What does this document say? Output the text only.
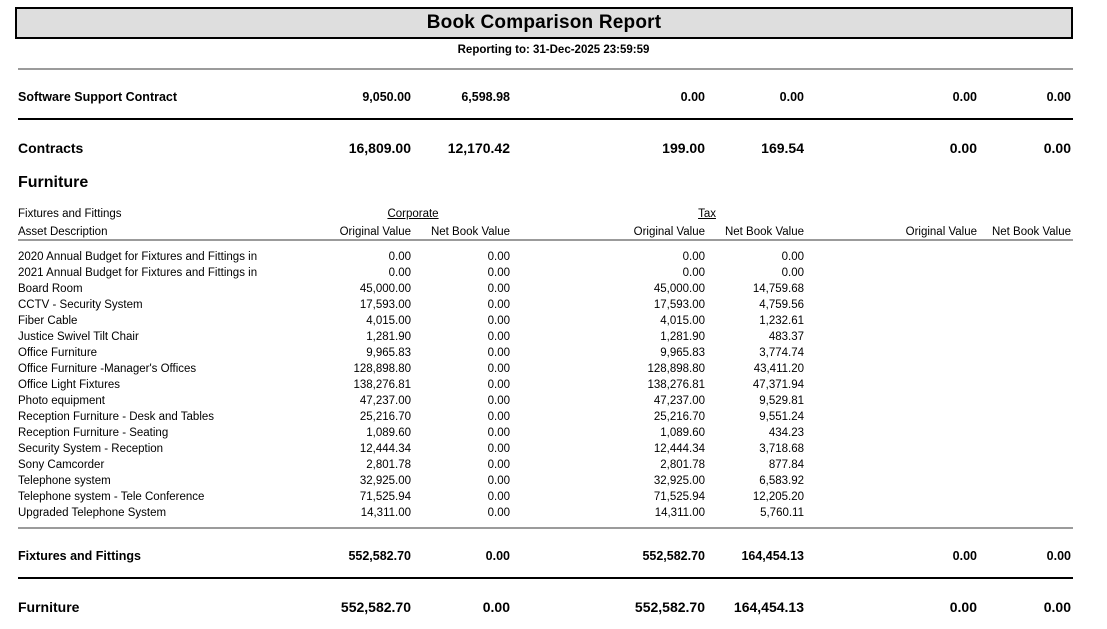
Book Comparison Report
Reporting to: 31-Dec-2025 23:59:59
Software Support Contract	9,050.00	6,598.98		0.00	0.00		0.00	0.00
Contracts	16,809.00	12,170.42		199.00	169.54		0.00	0.00
Furniture
Fixtures and Fittings	Corporate			Tax				
Asset Description	Original Value	Net Book Value		Original Value	Net Book Value		Original Value	Net Book Value
2020 Annual Budget for Fixtures and Fittings in	0.00	0.00		0.00	0.00			
2021 Annual Budget for Fixtures and Fittings in	0.00	0.00		0.00	0.00			
Board Room	45,000.00	0.00		45,000.00	14,759.68			
CCTV - Security System	17,593.00	0.00		17,593.00	4,759.56			
Fiber Cable	4,015.00	0.00		4,015.00	1,232.61			
Justice Swivel Tilt Chair	1,281.90	0.00		1,281.90	483.37			
Office Furniture	9,965.83	0.00		9,965.83	3,774.74			
Office Furniture -Manager's Offices	128,898.80	0.00		128,898.80	43,411.20			
Office Light Fixtures	138,276.81	0.00		138,276.81	47,371.94			
Photo equipment	47,237.00	0.00		47,237.00	9,529.81			
Reception Furniture - Desk and Tables	25,216.70	0.00		25,216.70	9,551.24			
Reception Furniture - Seating	1,089.60	0.00		1,089.60	434.23			
Security System - Reception	12,444.34	0.00		12,444.34	3,718.68			
Sony Camcorder	2,801.78	0.00		2,801.78	877.84			
Telephone system	32,925.00	0.00		32,925.00	6,583.92			
Telephone system - Tele Conference	71,525.94	0.00		71,525.94	12,205.20			
Upgraded Telephone System	14,311.00	0.00		14,311.00	5,760.11			
Fixtures and Fittings	552,582.70	0.00		552,582.70	164,454.13		0.00	0.00
Furniture	552,582.70	0.00		552,582.70	164,454.13		0.00	0.00
